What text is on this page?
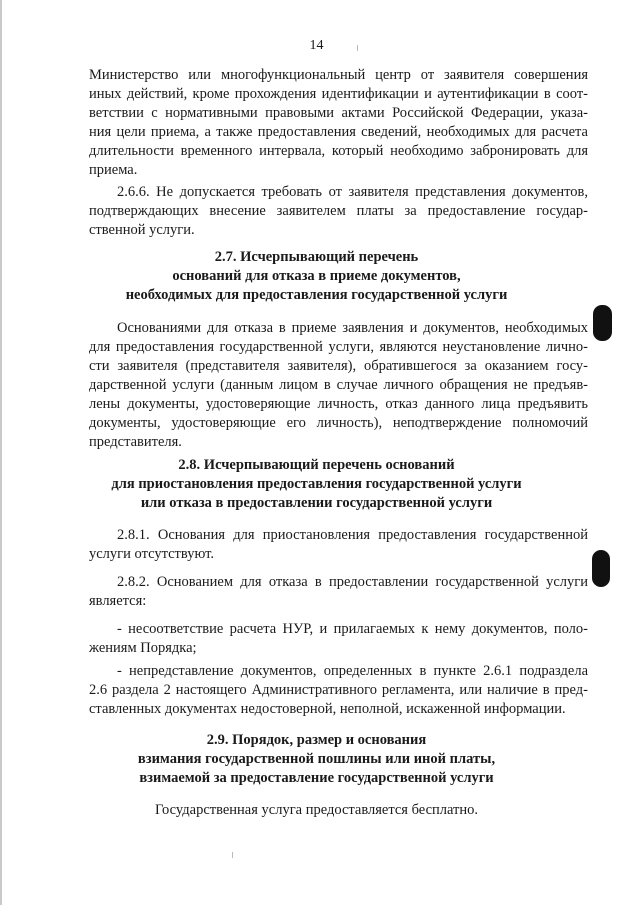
14
Министерство или многофункциональный центр от заявителя совершения
иных действий, кроме прохождения идентификации и аутентификации в соот-
ветствии с нормативными правовыми актами Российской Федерации, указа-
ния цели приема, а также предоставления сведений, необходимых для расчета
длительности временного интервала, который необходимо забронировать для
приема.
2.6.6. Не допускается требовать от заявителя представления документов,
подтверждающих внесение заявителем платы за предоставление государ-
ственной услуги.
2.7. Исчерпывающий перечень
оснований для отказа в приеме документов,
необходимых для предоставления государственной услуги
Основаниями для отказа в приеме заявления и документов, необходимых
для предоставления государственной услуги, являются неустановление лично-
сти заявителя (представителя заявителя), обратившегося за оказанием госу-
дарственной услуги (данным лицом в случае личного обращения не предъяв-
лены документы, удостоверяющие личность, отказ данного лица предъявить
документы, удостоверяющие его личность), неподтверждение полномочий
представителя.
2.8. Исчерпывающий перечень оснований
для приостановления предоставления государственной услуги
или отказа в предоставлении государственной услуги
2.8.1. Основания для приостановления предоставления государственной
услуги отсутствуют.
2.8.2. Основанием для отказа в предоставлении государственной услуги
является:
- несоответствие расчета НУР, и прилагаемых к нему документов, поло-
жениям Порядка;
- непредставление документов, определенных в пункте 2.6.1 подраздела
2.6 раздела 2 настоящего Административного регламента, или наличие в пред-
ставленных документах недостоверной, неполной, искаженной информации.
2.9. Порядок, размер и основания
взимания государственной пошлины или иной платы,
взимаемой за предоставление государственной услуги
Государственная услуга предоставляется бесплатно.
